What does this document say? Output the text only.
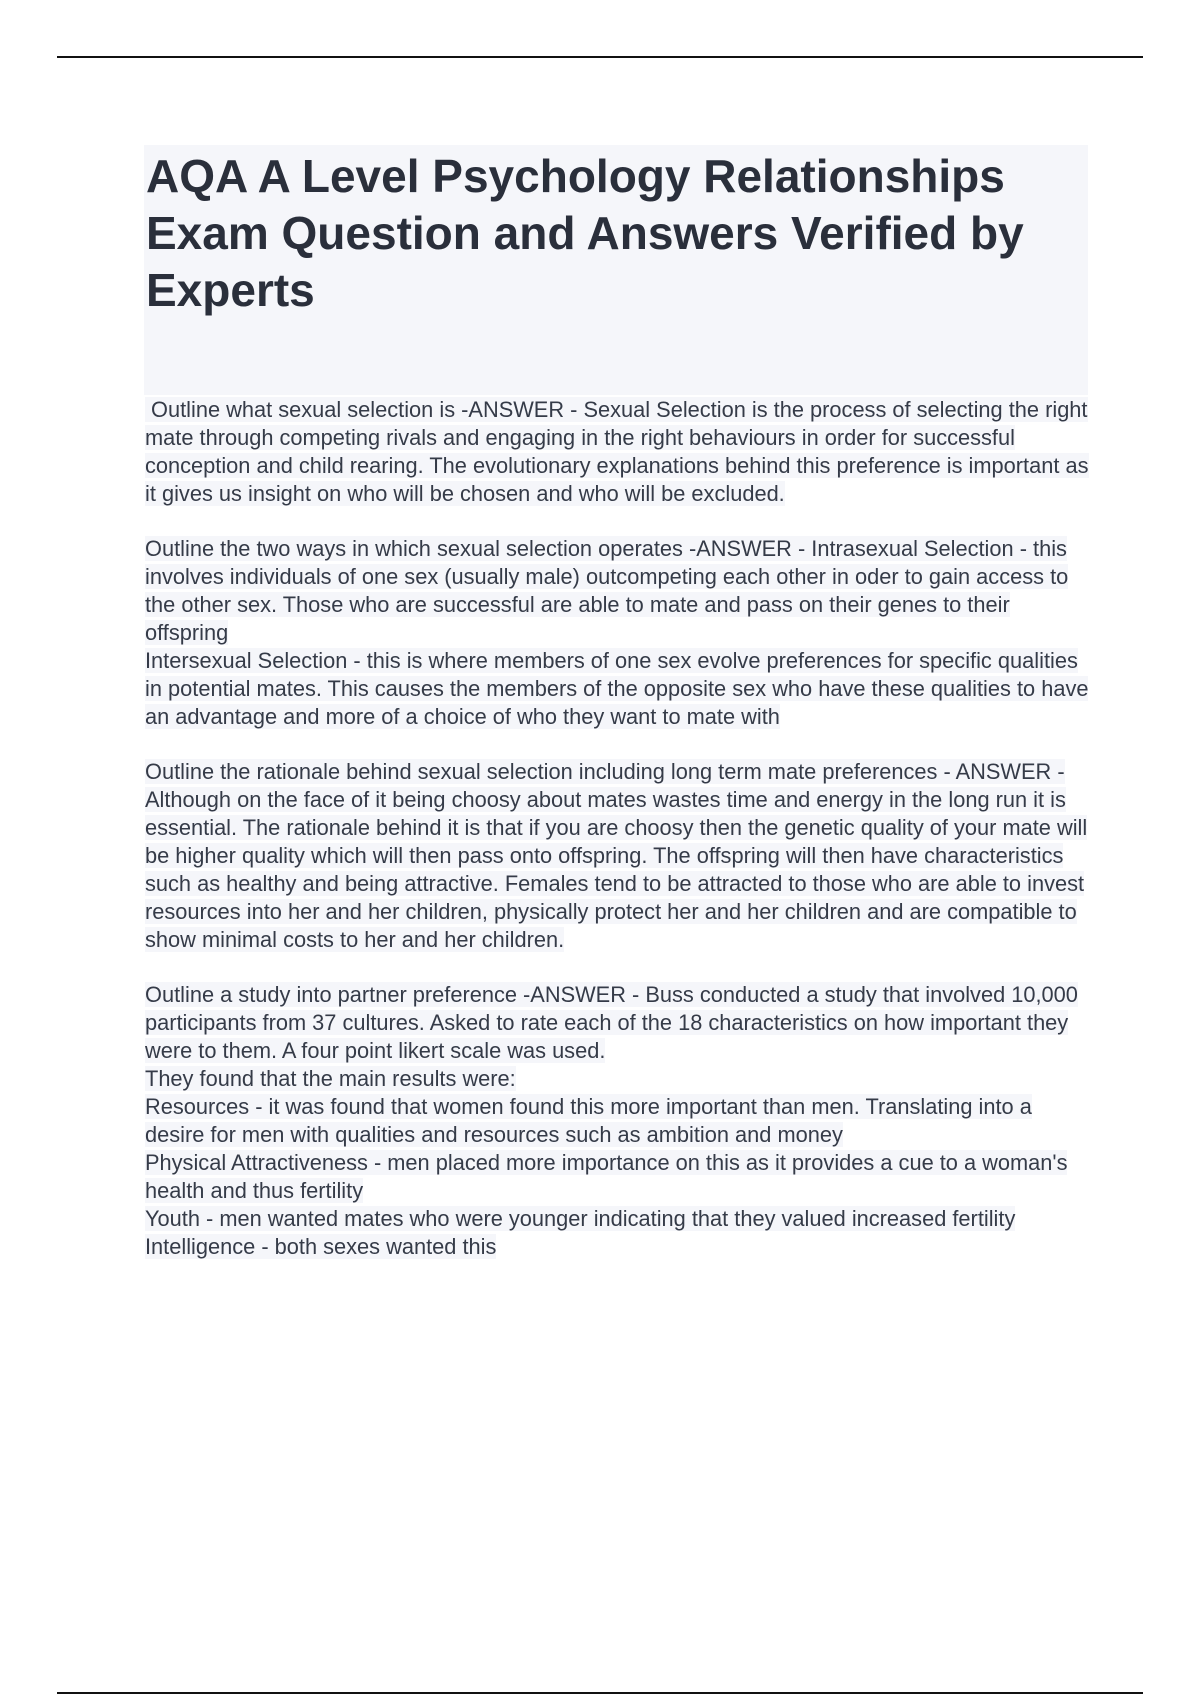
AQA A Level Psychology Relationships Exam Question and Answers Verified by Experts

Outline what sexual selection is -ANSWER - Sexual Selection is the process of selecting the right mate through competing rivals and engaging in the right behaviours in order for successful conception and child rearing. The evolutionary explanations behind this preference is important as it gives us insight on who will be chosen and who will be excluded.

Outline the two ways in which sexual selection operates -ANSWER - Intrasexual Selection - this involves individuals of one sex (usually male) outcompeting each other in oder to gain access to the other sex. Those who are successful are able to mate and pass on their genes to their offspring

Intersexual Selection - this is where members of one sex evolve preferences for specific qualities in potential mates. This causes the members of the opposite sex who have these qualities to have an advantage and more of a choice of who they want to mate with

Outline the rationale behind sexual selection including long term mate preferences - ANSWER - Although on the face of it being choosy about mates wastes time and energy in the long run it is essential. The rationale behind it is that if you are choosy then the genetic quality of your mate will be higher quality which will then pass onto offspring. The offspring will then have characteristics such as healthy and being attractive. Females tend to be attracted to those who are able to invest resources into her and her children, physically protect her and her children and are compatible to show minimal costs to her and her children.

Outline a study into partner preference -ANSWER - Buss conducted a study that involved 10,000 participants from 37 cultures. Asked to rate each of the 18 characteristics on how important they were to them. A four point likert scale was used.

They found that the main results were:

Resources - it was found that women found this more important than men. Translating into a desire for men with qualities and resources such as ambition and money

Physical Attractiveness - men placed more importance on this as it provides a cue to a woman's health and thus fertility

Youth - men wanted mates who were younger indicating that they valued increased fertility

Intelligence - both sexes wanted this
